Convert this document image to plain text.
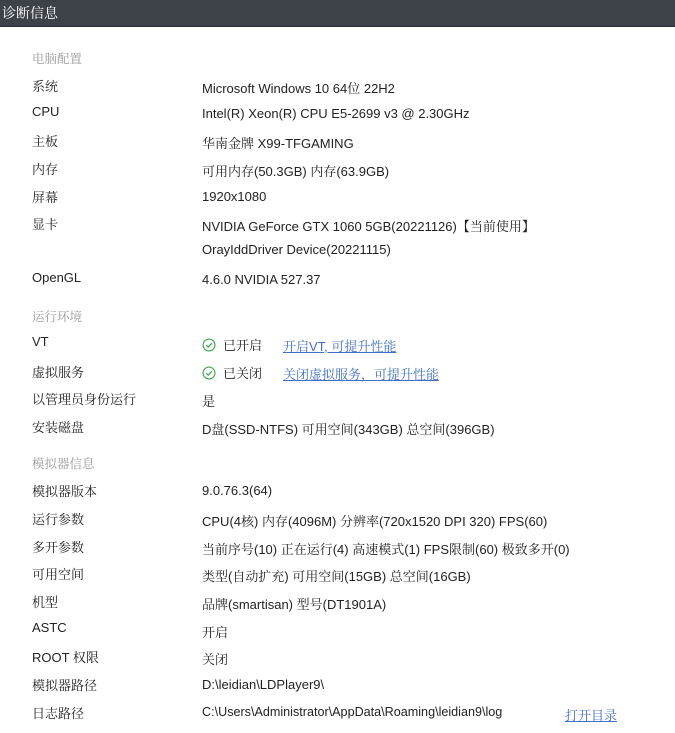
诊断信息
电脑配置
系统	Microsoft Windows 10 64位 22H2
CPU	Intel(R) Xeon(R) CPU E5-2699 v3 @ 2.30GHz
主板	华南金牌 X99-TFGAMING
内存	可用内存(50.3GB) 内存(63.9GB)
屏幕	1920x1080
显卡	NVIDIA GeForce GTX 1060 5GB(20221126)【当前使用】
OrayIddDriver Device(20221115)
OpenGL	4.6.0 NVIDIA 527.37
运行环境
VT	已开启 开启VT, 可提升性能
虚拟服务	已关闭 关闭虚拟服务，可提升性能
以管理员身份运行	是
安装磁盘	D盘(SSD-NTFS) 可用空间(343GB) 总空间(396GB)
模拟器信息
模拟器版本	9.0.76.3(64)
运行参数	CPU(4核) 内存(4096M) 分辨率(720x1520 DPI 320) FPS(60)
多开参数	当前序号(10) 正在运行(4) 高速模式(1) FPS限制(60) 极致多开(0)
可用空间	类型(自动扩充) 可用空间(15GB) 总空间(16GB)
机型	品牌(smartisan) 型号(DT1901A)
ASTC	开启
ROOT 权限	关闭
模拟器路径	D:\leidian\LDPlayer9\
日志路径	C:\Users\Administrator\AppData\Roaming\leidian9\log	打开目录
